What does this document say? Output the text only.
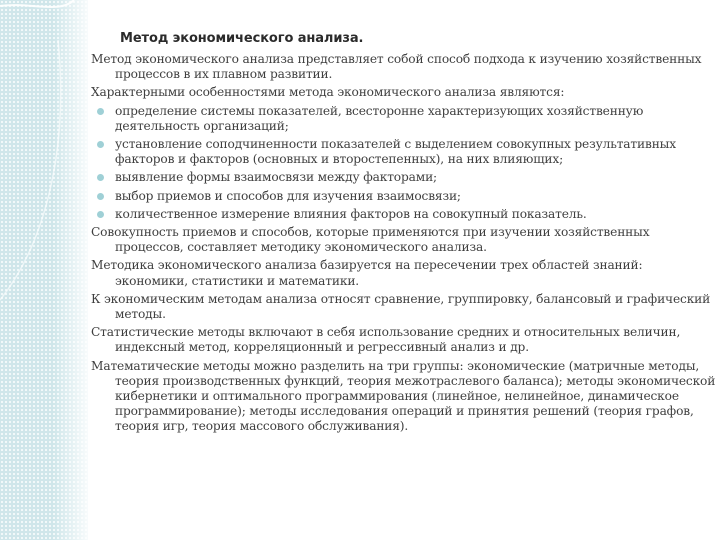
Метод экономического анализа.

Метод экономического анализа представляет собой способ подхода к изучению хозяйственных процессов в их плавном развитии.

Характерными особенностями метода экономического анализа являются:

определение системы показателей, всесторонне характеризующих хозяйственную деятельность организаций;
установление соподчиненности показателей с выделением совокупных результативных факторов и факторов (основных и второстепенных), на них влияющих;
выявление формы взаимосвязи между факторами;
выбор приемов и способов для изучения взаимосвязи;
количественное измерение влияния факторов на совокупный показатель.

Совокупность приемов и способов, которые применяются при изучении хозяйственных процессов, составляет методику экономического анализа.

Методика экономического анализа базируется на пересечении трех областей знаний: экономики, статистики и математики.

К экономическим методам анализа относят сравнение, группировку, балансовый и графический методы.

Статистические методы включают в себя использование средних и относительных величин, индексный метод, корреляционный и регрессивный анализ и др.

Математические методы можно разделить на три группы: экономические (матричные методы, теория производственных функций, теория межотраслевого баланса); методы экономической кибернетики и оптимального программирования (линейное, нелинейное, динамическое программирование); методы исследования операций и принятия решений (теория графов, теория игр, теория массового обслуживания).
